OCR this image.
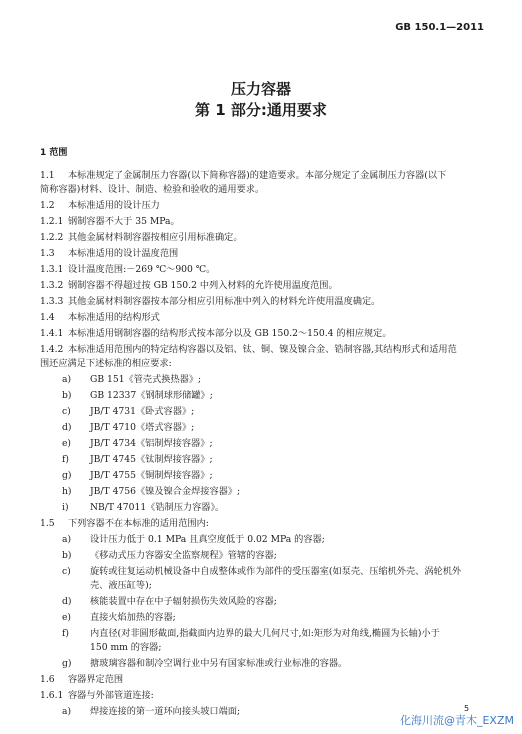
GB 150.1—2011
压力容器
第 1 部分:通用要求
1 范围
1.1 本标准规定了金属制压力容器(以下简称容器)的建造要求。本部分规定了金属制压力容器(以下
简称容器)材料、设计、制造、检验和验收的通用要求。
1.2 本标准适用的设计压力
1.2.1 钢制容器不大于 35 MPa。
1.2.2 其他金属材料制容器按相应引用标准确定。
1.3 本标准适用的设计温度范围
1.3.1 设计温度范围:－269 ℃～900 ℃。
1.3.2 钢制容器不得超过按 GB 150.2 中列入材料的允许使用温度范围。
1.3.3 其他金属材料制容器按本部分相应引用标准中列入的材料允许使用温度确定。
1.4 本标准适用的结构形式
1.4.1 本标准适用钢制容器的结构形式按本部分以及 GB 150.2～150.4 的相应规定。
1.4.2 本标准适用范围内的特定结构容器以及铝、钛、铜、镍及镍合金、锆制容器,其结构形式和适用范
围还应满足下述标准的相应要求:
a) GB 151《管壳式换热器》;
b) GB 12337《钢制球形储罐》;
c) JB/T 4731《卧式容器》;
d) JB/T 4710《塔式容器》;
e) JB/T 4734《铝制焊接容器》;
f) JB/T 4745《钛制焊接容器》;
g) JB/T 4755《铜制焊接容器》;
h) JB/T 4756《镍及镍合金焊接容器》;
i) NB/T 47011《锆制压力容器》。
1.5 下列容器不在本标准的适用范围内:
a) 设计压力低于 0.1 MPa 且真空度低于 0.02 MPa 的容器;
b) 《移动式压力容器安全监察规程》管辖的容器;
c) 旋转或往复运动机械设备中自成整体或作为部件的受压器室(如泵壳、压缩机外壳、涡轮机外
壳、液压缸等);
d) 核能装置中存在中子辐射损伤失效风险的容器;
e) 直接火焰加热的容器;
f) 内直径(对非圆形截面,指截面内边界的最大几何尺寸,如:矩形为对角线,椭圆为长轴)小于
150 mm 的容器;
g) 搪玻璃容器和制冷空调行业中另有国家标准或行业标准的容器。
1.6 容器界定范围
1.6.1 容器与外部管道连接:
a) 焊接连接的第一道环向接头坡口端面;	5
化海川流@青木_EXZM
